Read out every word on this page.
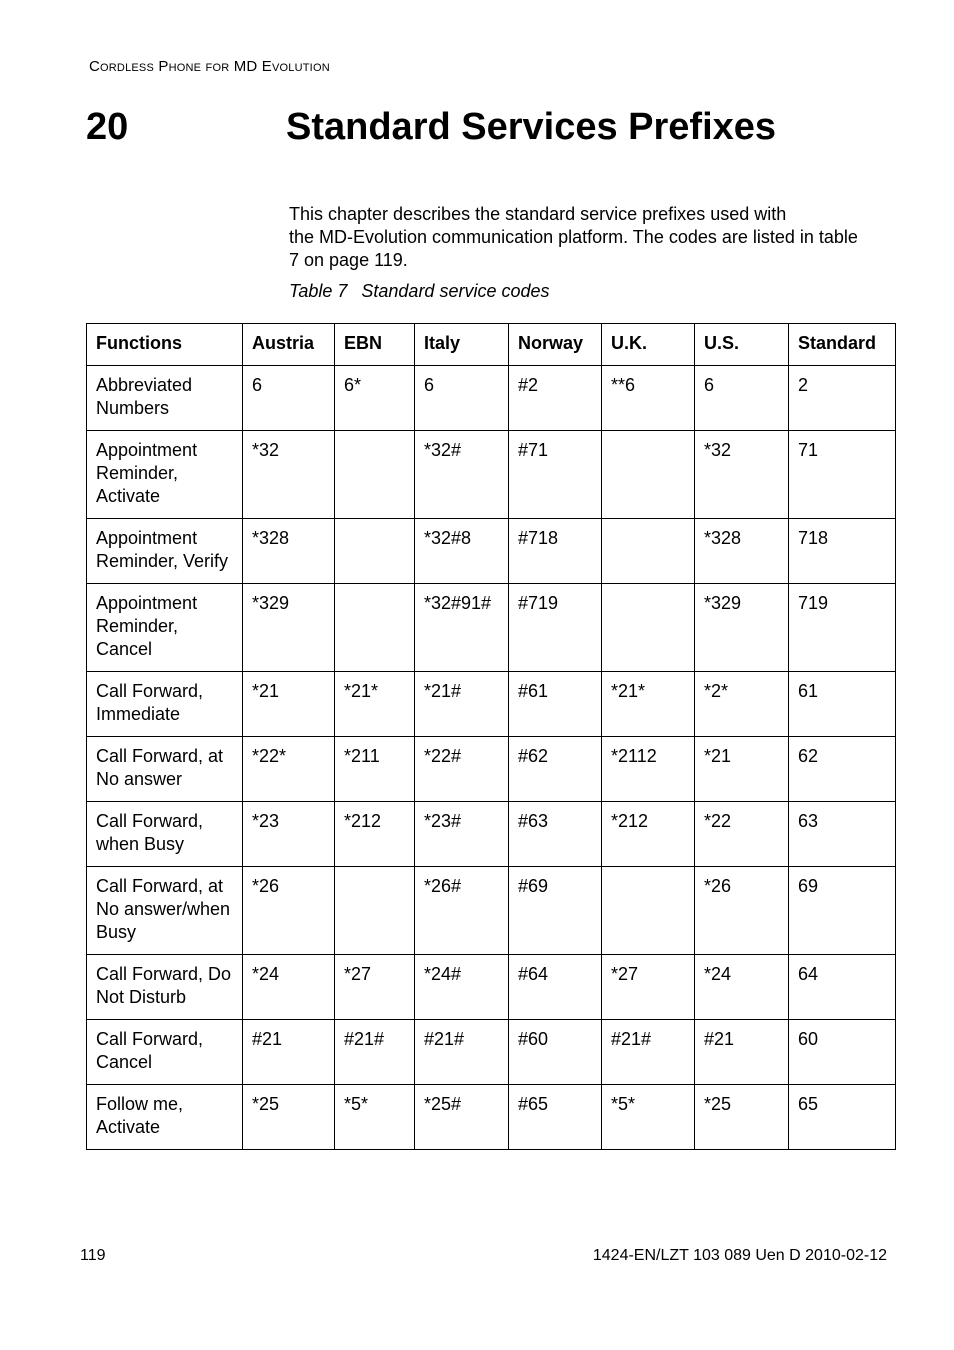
Cordless Phone for MD Evolution
20	Standard Services Prefixes
This chapter describes the standard service prefixes used with
the MD-Evolution communication platform. The codes are listed in table
7 on page 119.
Table 7 Standard service codes
Functions	Austria	EBN	Italy	Norway	U.K.	U.S.	Standard
Abbreviated Numbers	6	6*	6	#2	**6	6	2
Appointment Reminder, Activate	*32		*32#	#71		*32	71
Appointment Reminder, Verify	*328		*32#8	#718		*328	718
Appointment Reminder, Cancel	*329		*32#91#	#719		*329	719
Call Forward, Immediate	*21	*21*	*21#	#61	*21*	*2*	61
Call Forward, at No answer	*22*	*211	*22#	#62	*2112	*21	62
Call Forward, when Busy	*23	*212	*23#	#63	*212	*22	63
Call Forward, at No answer/when Busy	*26		*26#	#69		*26	69
Call Forward, Do Not Disturb	*24	*27	*24#	#64	*27	*24	64
Call Forward, Cancel	#21	#21#	#21#	#60	#21#	#21	60
Follow me, Activate	*25	*5*	*25#	#65	*5*	*25	65
119	1424-EN/LZT 103 089 Uen D 2010-02-12
